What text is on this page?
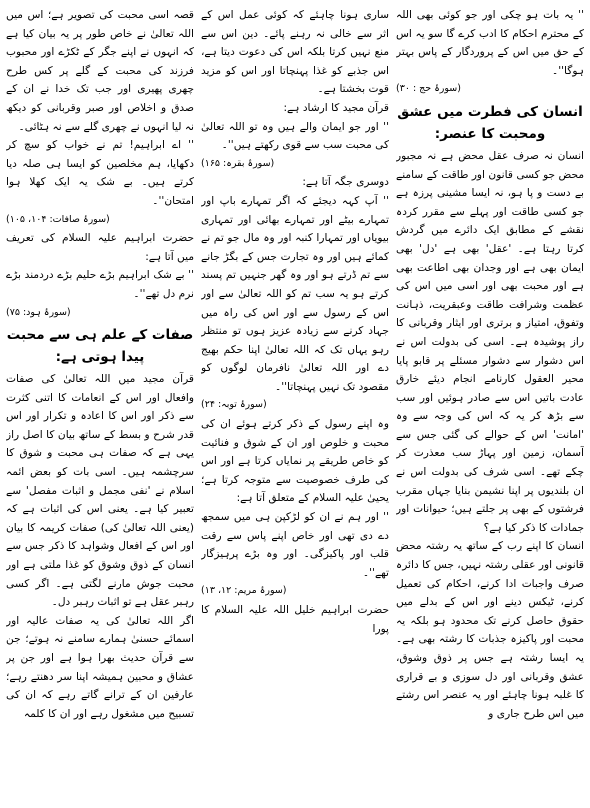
'' یہ بات ہو چکی اور جو کوئی بھی اللہ کے محترم احکام کا ادب کرے گا سو یہ اس کے حق میں اس کے پروردگار کے پاس بہتر ہوگا''۔

(سورۂ حج : ۳۰)

انسان کی فطرت میں عشق ومحبت کا عنصر:

انسان نہ صرف عقل محض ہے نہ مجبور محض جو کسی قانون اور طاقت کے سامنے بے دست و پا ہو، نہ ایسا مشینی پرزہ ہے جو کسی طاقت اور پہلے سے مقرر کردہ نقشے کے مطابق ایک دائرے میں گردش کرتا رہتا ہے۔ 'عقل' بھی ہے 'دل' بھی ایمان بھی ہے اور وجدان بھی اطاعت بھی ہے اور محبت بھی اور اسی میں اس کی عظمت وشرافت طاقت وعبقریت، ذہانت وتفوق، امتیاز و برتری اور ایثار وقربانی کا راز پوشیدہ ہے۔ اسی کی بدولت اس نے اس دشوار سے دشوار مسئلے پر قابو پایا محیر العقول کارنامے انجام دیئے خارق عادت باتیں اس سے صادر ہوئیں اور سب سے بڑھ کر یہ کہ اس کی وجہ سے وہ 'امانت' اس کے حوالے کی گئی جس سے آسمان، زمین اور پہاڑ سب معذرت کر چکے تھے۔ اسی شرف کی بدولت اس نے ان بلندیوں پر اپنا نشیمن بنایا جہاں مقرب فرشتوں کے بھی پر جلتے ہیں؛ حیوانات اور جمادات کا ذکر کیا ہے؟

انسان کا اپنے رب کے ساتھ یہ رشتہ محض قانونی اور عقلی رشتہ نہیں، جس کا دائرہ صرف واجبات ادا کرنے، احکام کی تعمیل کرنے، ٹیکس دینے اور اس کے بدلے میں حقوق حاصل کرنے تک محدود ہو بلکہ یہ محبت اور پاکیزہ جذبات کا رشتہ بھی ہے۔ یہ ایسا رشتہ ہے جس پر ذوق وشوق، عشق وقربانی اور دل سوزی و بے قراری کا غلبہ ہونا چاہئے اور یہ عنصر اس رشتے میں اس طرح جاری و

ساری ہونا چاہئے کہ کوئی عمل اس کے اثر سے خالی نہ رہنے پائے۔ دین اس سے منع نہیں کرتا بلکہ اس کی دعوت دیتا ہے، اس جذبے کو غذا پہنچاتا اور اس کو مزید قوت بخشتا ہے۔

قرآن مجید کا ارشاد ہے:

'' اور جو ایمان والے ہیں وہ تو اللہ تعالیٰ کی محبت سب سے قوی رکھتے ہیں''۔

(سورۂ بقرہ: ۱۶۵)

دوسری جگہ آتا ہے:

'' آپ کہہ دیجئے کہ اگر تمہارے باپ اور تمہارے بیٹے اور تمہارے بھائی اور تمہاری بیویاں اور تمہارا کنبہ اور وہ مال جو تم نے کمائے ہیں اور وہ تجارت جس کے بگڑ جانے سے تم ڈرتے ہو اور وہ گھر جنہیں تم پسند کرتے ہو یہ سب تم کو اللہ تعالیٰ سے اور اس کے رسول سے اور اس کی راہ میں جہاد کرنے سے زیادہ عزیز ہوں تو منتظر رہو یہاں تک کہ اللہ تعالیٰ اپنا حکم بھیج دے اور اللہ تعالیٰ نافرمان لوگوں کو مقصود تک نہیں پہنچاتا''۔

(سورۂ توبہ: ۲۴)

وہ اپنے رسول کے ذکر کرتے ہوئے ان کی محبت و خلوص اور ان کے شوق و فنائیت کو خاص طریقے پر نمایاں کرتا ہے اور اس کی طرف خصوصیت سے متوجہ کرتا ہے؛ یحییٰ علیہ السلام کے متعلق آتا ہے:

'' اور ہم نے ان کو لڑکپن ہی میں سمجھ دے دی تھی اور خاص اپنے پاس سے رقت قلب اور پاکیزگی۔ اور وہ بڑے پرہیزگار تھے''۔

(سورۂ مریم: ۱۲، ۱۳)

حضرت ابراہیم خلیل اللہ علیہ السلام کا پورا

قصہ اسی محبت کی تصویر ہے؛ اس میں اللہ تعالیٰ نے خاص طور پر یہ بیان کیا ہے کہ انہوں نے اپنے جگر کے ٹکڑے اور محبوب فرزند کی محبت کے گلے پر کس طرح چھری پھیری اور جب تک خدا نے ان کے صدق و اخلاص اور صبر وقربانی کو دیکھ نہ لیا انہوں نے چھری گلے سے نہ ہٹائی۔

'' اے ابراہیم! تم نے خواب کو سچ کر دکھایا، ہم مخلصین کو ایسا ہی صلہ دیا کرتے ہیں۔ بے شک یہ ایک کھلا ہوا امتحان''۔

(سورۂ صافات: ۱۰۴، ۱۰۵)

حضرت ابراہیم علیہ السلام کی تعریف میں آتا ہے:

'' بے شک ابراہیم بڑے حلیم بڑے دردمند بڑے نرم دل تھے''۔

(سورۂ ہود: ۷۵)

صفات کے علم ہی سے محبت پیدا ہوتی ہے:

قرآن مجید میں اللہ تعالیٰ کی صفات وافعال اور اس کے انعامات کا اتنی کثرت سے ذکر اور اس کا اعادہ و تکرار اور اس قدر شرح و بسط کے ساتھ بیان کا اصل راز یہی ہے کہ صفات ہی محبت و شوق کا سرچشمہ ہیں۔ اسی بات کو بعض ائمہ اسلام نے 'نفی مجمل و اثبات مفصل' سے تعبیر کیا ہے۔ یعنی اس کی اثبات ہے کہ (یعنی اللہ تعالیٰ کی) صفات کریمہ کا بیان اور اس کے افعال وشواہد کا ذکر جس سے انسان کے ذوق وشوق کو غذا ملتی ہے اور محبت جوش مارنے لگتی ہے۔ اگر کسی رہبر عقل ہے تو اثبات رہبر دل۔

اگر اللہ تعالیٰ کی یہ صفات عالیہ اور اسمائے حسنیٰ ہمارے سامنے نہ ہوتے؛ جن سے قرآن حدیث بھرا ہوا ہے اور جن پر عشاق و محبین ہمیشہ اپنا سر دھنتے رہے؛ عارفین ان کے ترانے گاتے رہے کہ ان کی تسبیح میں مشغول رہے اور ان کا کلمہ
